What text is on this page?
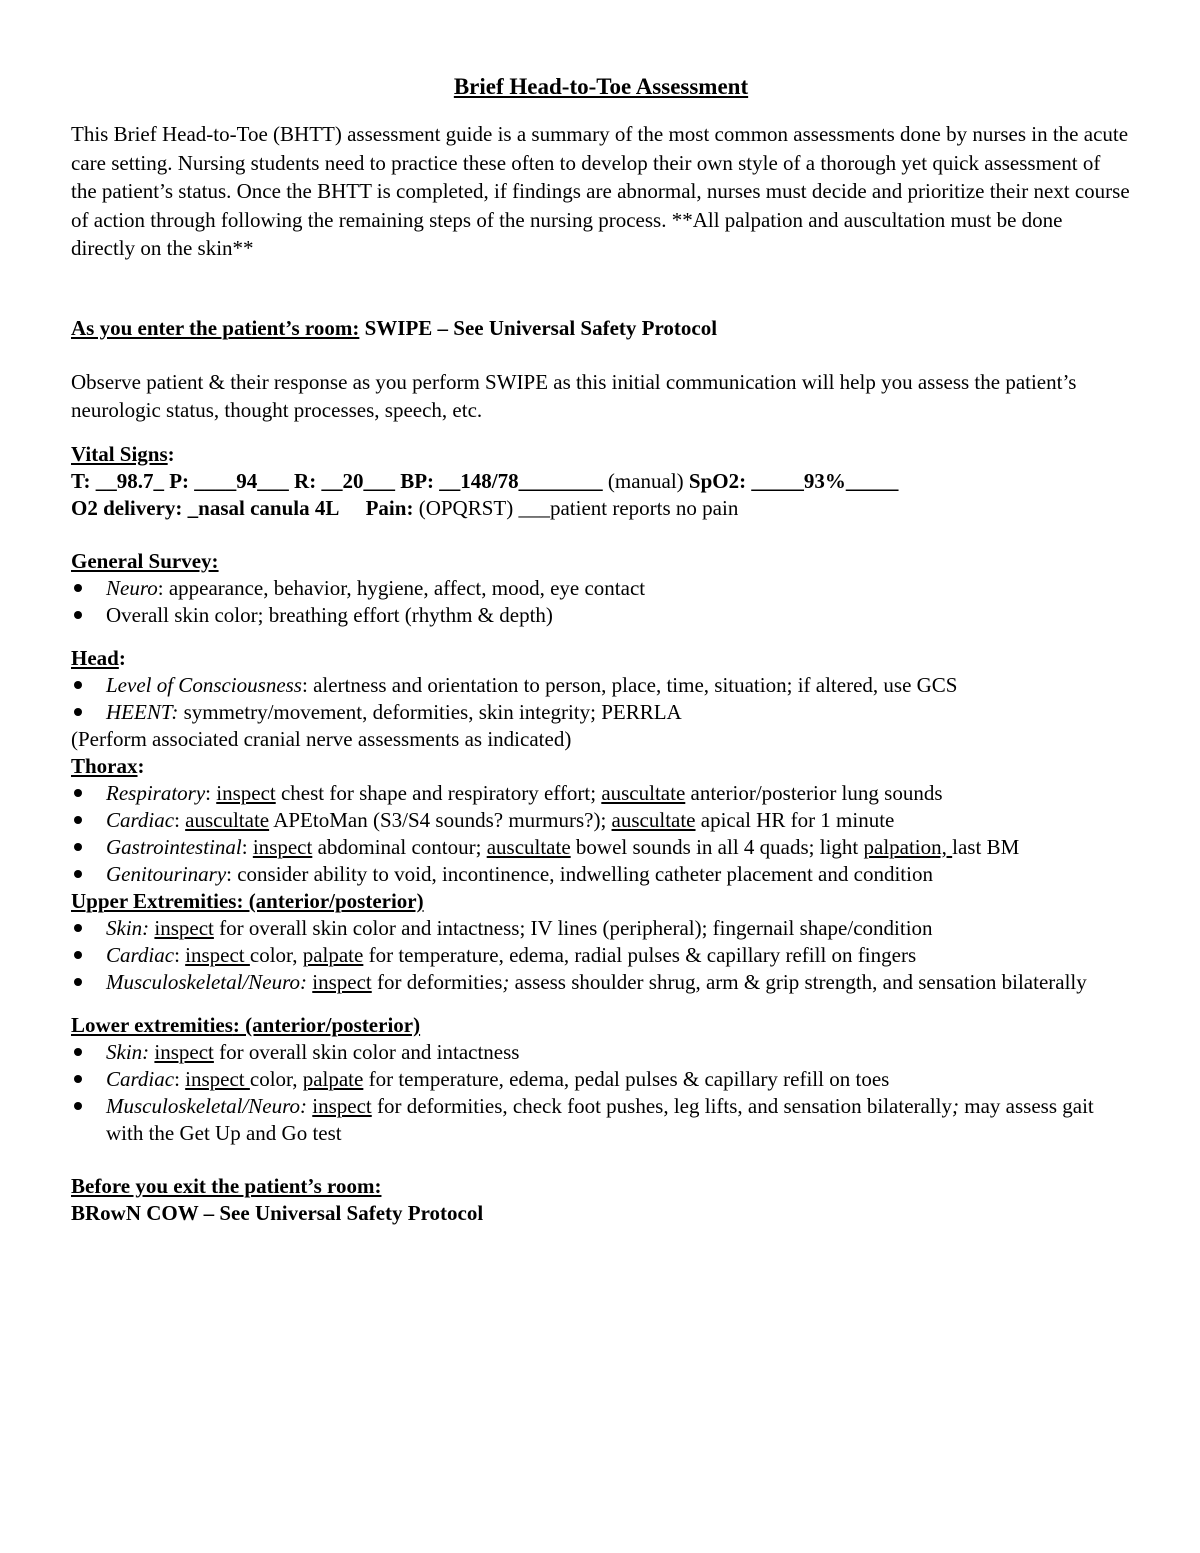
Brief Head-to-Toe Assessment

This Brief Head-to-Toe (BHTT) assessment guide is a summary of the most common assessments done by nurses in the acute care setting. Nursing students need to practice these often to develop their own style of a thorough yet quick assessment of the patient’s status. Once the BHTT is completed, if findings are abnormal, nurses must decide and prioritize their next course of action through following the remaining steps of the nursing process. **All palpation and auscultation must be done directly on the skin**

As you enter the patient’s room: SWIPE – See Universal Safety Protocol

Observe patient & their response as you perform SWIPE as this initial communication will help you assess the patient’s neurologic status, thought processes, speech, etc.

Vital Signs:

T: __98.7_ P: ____94___ R: __20___ BP: __148/78________ (manual) SpO2: _____93%_____

O2 delivery: _nasal canula 4L Pain: (OPQRST) ___patient reports no pain

General Survey:

Neuro: appearance, behavior, hygiene, affect, mood, eye contact
Overall skin color; breathing effort (rhythm & depth)

Head:

Level of Consciousness: alertness and orientation to person, place, time, situation; if altered, use GCS
HEENT: symmetry/movement, deformities, skin integrity; PERRLA

(Perform associated cranial nerve assessments as indicated)

Thorax:

Respiratory: inspect chest for shape and respiratory effort; auscultate anterior/posterior lung sounds
Cardiac: auscultate APEtoMan (S3/S4 sounds? murmurs?); auscultate apical HR for 1 minute
Gastrointestinal: inspect abdominal contour; auscultate bowel sounds in all 4 quads; light palpation, last BM
Genitourinary: consider ability to void, incontinence, indwelling catheter placement and condition

Upper Extremities: (anterior/posterior)

Skin: inspect for overall skin color and intactness; IV lines (peripheral); fingernail shape/condition
Cardiac: inspect color, palpate for temperature, edema, radial pulses & capillary refill on fingers
Musculoskeletal/Neuro: inspect for deformities; assess shoulder shrug, arm & grip strength, and sensation bilaterally

Lower extremities: (anterior/posterior)

Skin: inspect for overall skin color and intactness
Cardiac: inspect color, palpate for temperature, edema, pedal pulses & capillary refill on toes
Musculoskeletal/Neuro: inspect for deformities, check foot pushes, leg lifts, and sensation bilaterally; may assess gait with the Get Up and Go test

Before you exit the patient’s room:

BRowN COW – See Universal Safety Protocol
